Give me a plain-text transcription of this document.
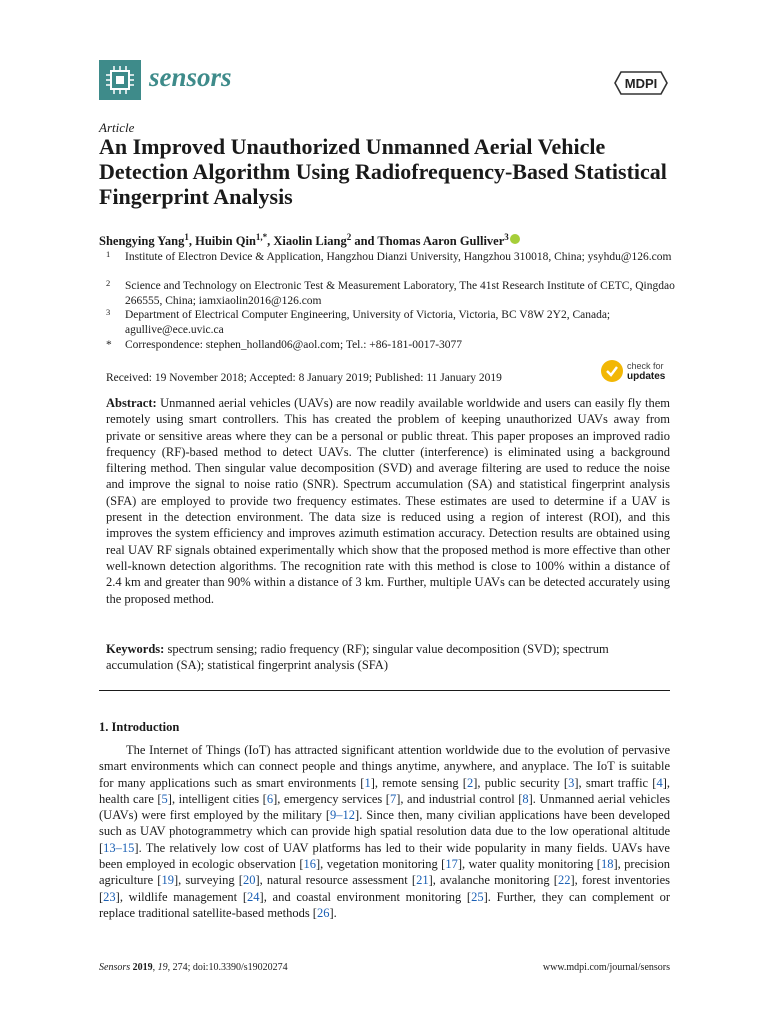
sensors	MDPI
Article
An Improved Unauthorized Unmanned Aerial Vehicle Detection Algorithm Using Radiofrequency-Based Statistical Fingerprint Analysis
Shengying Yang$^1$, Huibin Qin$^{1,*}$, Xiaolin Liang$^2$ and Thomas Aaron Gulliver$^3$
1 Institute of Electron Device & Application, Hangzhou Dianzi University, Hangzhou 310018, China; ysyhdu@126.com
2 Science and Technology on Electronic Test & Measurement Laboratory, The 41st Research Institute of CETC, Qingdao 266555, China; iamxiaolin2016@126.com
3 Department of Electrical Computer Engineering, University of Victoria, Victoria, BC V8W 2Y2, Canada; agullive@ece.uvic.ca
* Correspondence: stephen_holland06@aol.com; Tel.: +86-181-0017-3077
Received: 19 November 2018; Accepted: 8 January 2019; Published: 11 January 2019
check for
updates
Abstract: Unmanned aerial vehicles (UAVs) are now readily available worldwide and users can easily fly them remotely using smart controllers. This has created the problem of keeping unauthorized UAVs away from private or sensitive areas where they can be a personal or public threat. This paper proposes an improved radio frequency (RF)-based method to detect UAVs. The clutter (interference) is eliminated using a background filtering method. Then singular value decomposition (SVD) and average filtering are used to reduce the noise and improve the signal to noise ratio (SNR). Spectrum accumulation (SA) and statistical fingerprint analysis (SFA) are employed to provide two frequency estimates. These estimates are used to determine if a UAV is present in the detection environment. The data size is reduced using a region of interest (ROI), and this improves the system efficiency and improves azimuth estimation accuracy. Detection results are obtained using real UAV RF signals obtained experimentally which show that the proposed method is more effective than other well-known detection algorithms. The recognition rate with this method is close to 100% within a distance of 2.4 km and greater than 90% within a distance of 3 km. Further, multiple UAVs can be detected accurately using the proposed method.
Keywords: spectrum sensing; radio frequency (RF); singular value decomposition (SVD); spectrum accumulation (SA); statistical fingerprint analysis (SFA)
1. Introduction
The Internet of Things (IoT) has attracted significant attention worldwide due to the evolution of pervasive smart environments which can connect people and things anytime, anywhere, and anyplace. The IoT is suitable for many applications such as smart environments [1], remote sensing [2], public security [3], smart traffic [4], health care [5], intelligent cities [6], emergency services [7], and industrial control [8]. Unmanned aerial vehicles (UAVs) were first employed by the military [9–12]. Since then, many civilian applications have been developed such as UAV photogrammetry which can provide high spatial resolution data due to the low operational altitude [13–15]. The relatively low cost of UAV platforms has led to their wide popularity in many fields. UAVs have been employed in ecologic observation [16], vegetation monitoring [17], water quality monitoring [18], precision agriculture [19], surveying [20], natural resource assessment [21], avalanche monitoring [22], forest inventories [23], wildlife management [24], and coastal environment monitoring [25]. Further, they can complement or replace traditional satellite-based methods [26].
Sensors 2019, 19, 274; doi:10.3390/s19020274	www.mdpi.com/journal/sensors
